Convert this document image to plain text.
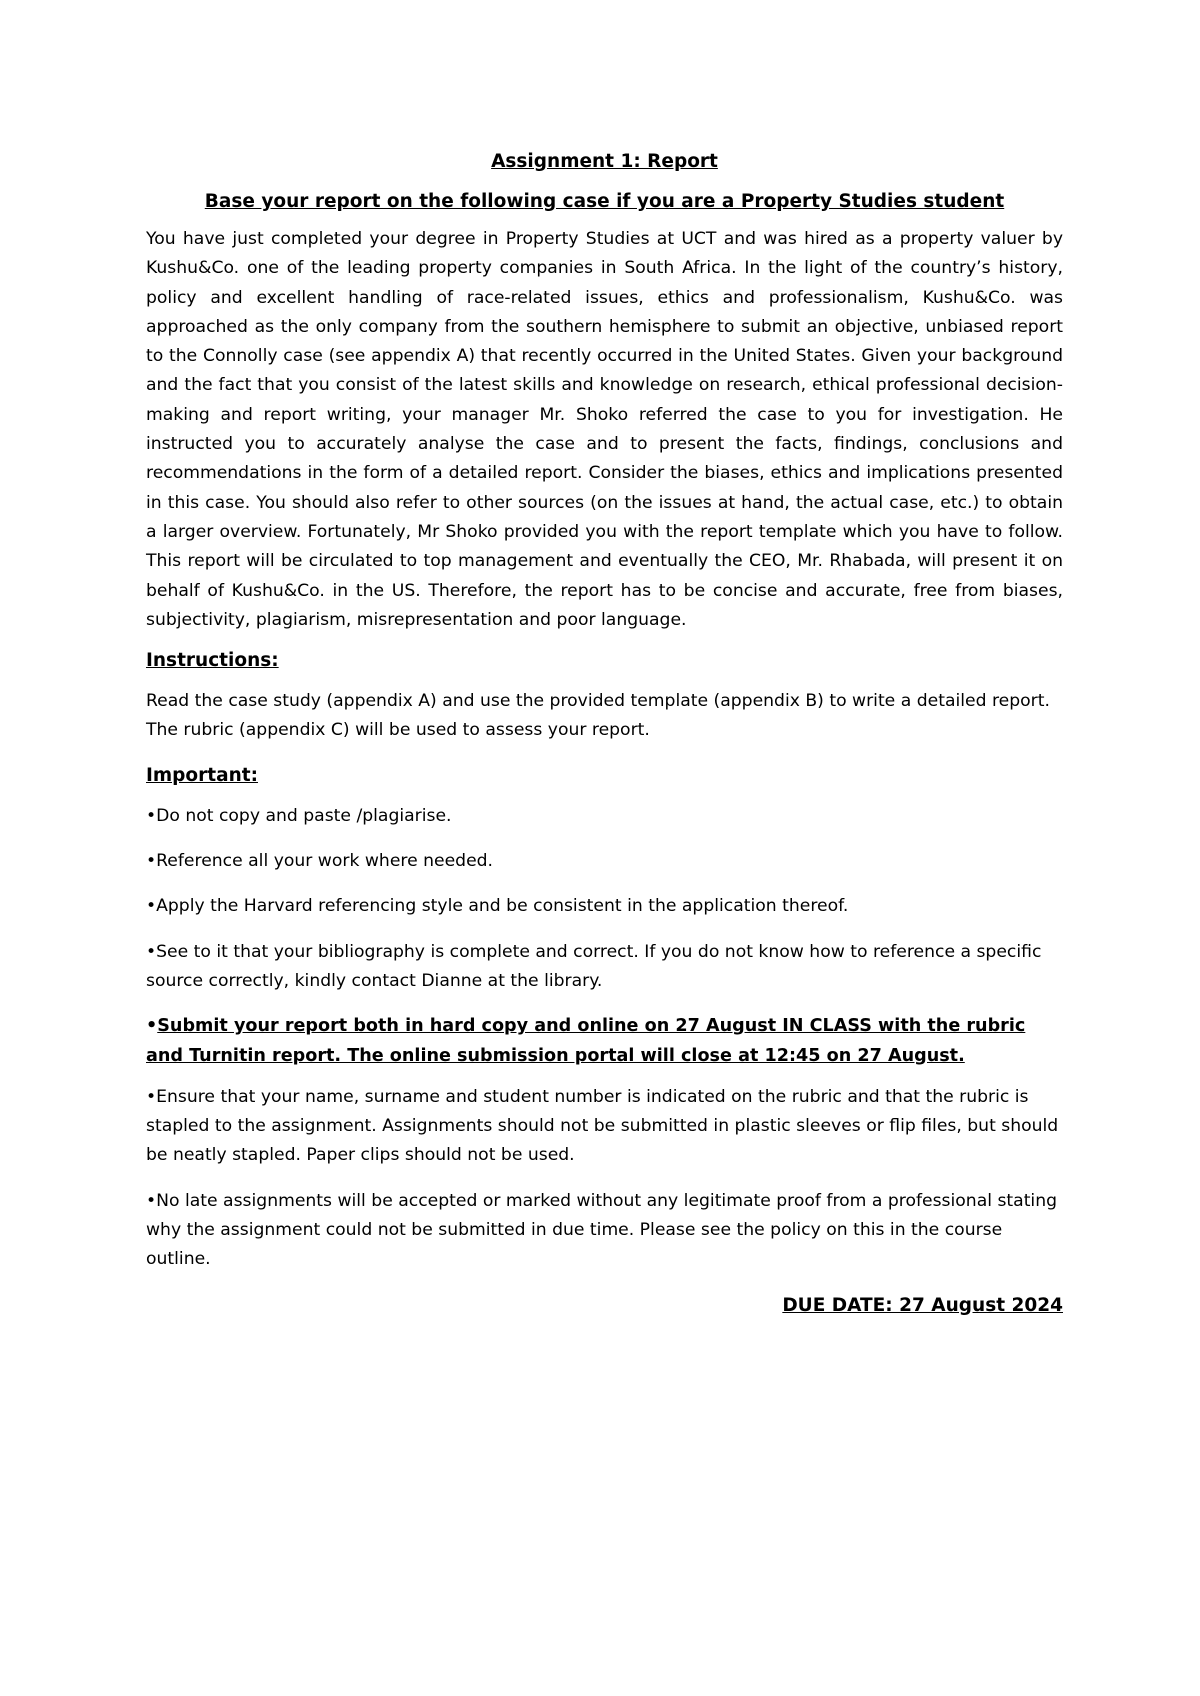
Assignment 1: Report
Base your report on the following case if you are a Property Studies student

You have just completed your degree in Property Studies at UCT and was hired as a property valuer by Kushu&Co. one of the leading property companies in South Africa. In the light of the country’s history, policy and excellent handling of race-related issues, ethics and professionalism, Kushu&Co. was approached as the only company from the southern hemisphere to submit an objective, unbiased report to the Connolly case (see appendix A) that recently occurred in the United States. Given your background and the fact that you consist of the latest skills and knowledge on research, ethical professional decision-making and report writing, your manager Mr. Shoko referred the case to you for investigation. He instructed you to accurately analyse the case and to present the facts, findings, conclusions and recommendations in the form of a detailed report. Consider the biases, ethics and implications presented in this case. You should also refer to other sources (on the issues at hand, the actual case, etc.) to obtain a larger overview. Fortunately, Mr Shoko provided you with the report template which you have to follow. This report will be circulated to top management and eventually the CEO, Mr. Rhabada, will present it on behalf of Kushu&Co. in the US. Therefore, the report has to be concise and accurate, free from biases, subjectivity, plagiarism, misrepresentation and poor language.

Instructions:

Read the case study (appendix A) and use the provided template (appendix B) to write a detailed report. The rubric (appendix C) will be used to assess your report.

Important:

•Do not copy and paste /plagiarise.

•Reference all your work where needed.

•Apply the Harvard referencing style and be consistent in the application thereof.

•See to it that your bibliography is complete and correct. If you do not know how to reference a specific source correctly, kindly contact Dianne at the library.

•Submit your report both in hard copy and online on 27 August IN CLASS with the rubric and Turnitin report. The online submission portal will close at 12:45 on 27 August.

•Ensure that your name, surname and student number is indicated on the rubric and that the rubric is stapled to the assignment. Assignments should not be submitted in plastic sleeves or flip files, but should be neatly stapled. Paper clips should not be used.

•No late assignments will be accepted or marked without any legitimate proof from a professional stating why the assignment could not be submitted in due time. Please see the policy on this in the course outline.

DUE DATE: 27 August 2024
